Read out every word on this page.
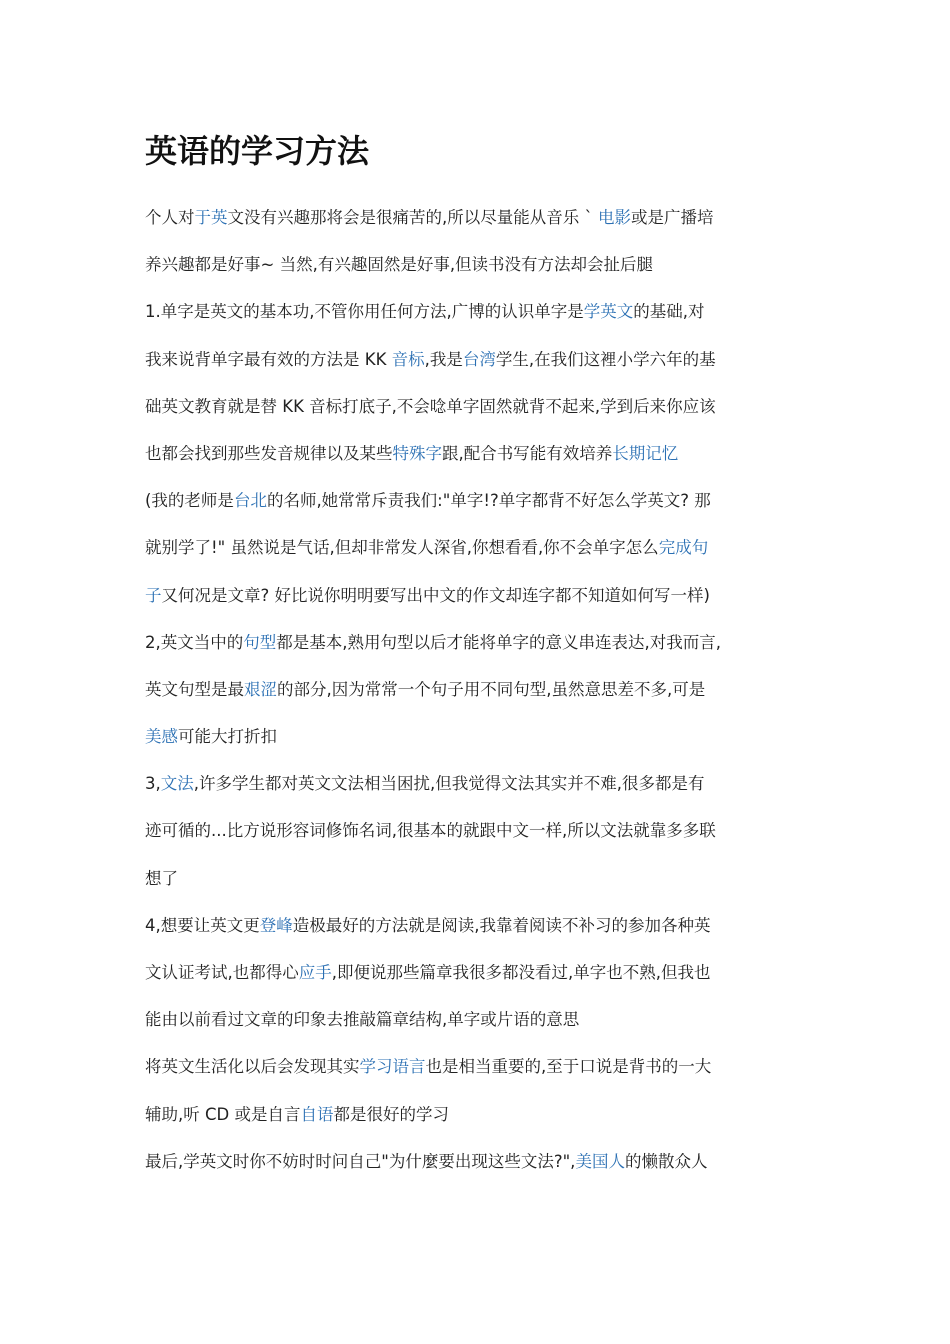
英语的学习方法
个人对于英文没有兴趣那将会是很痛苦的,所以尽量能从音乐 ` 电影或是广播培
养兴趣都是好事~ 当然,有兴趣固然是好事,但读书没有方法却会扯后腿
1.单字是英文的基本功,不管你用任何方法,广博的认识单字是学英文的基础,对
我来说背单字最有效的方法是 KK 音标,我是台湾学生,在我们这裡小学六年的基
础英文教育就是替 KK 音标打底子,不会唸单字固然就背不起来,学到后来你应该
也都会找到那些发音规律以及某些特殊字跟,配合书写能有效培养长期记忆
(我的老师是台北的名师,她常常斥责我们:"单字!?单字都背不好怎么学英文? 那
就别学了!" 虽然说是气话,但却非常发人深省,你想看看,你不会单字怎么完成句
子又何况是文章? 好比说你明明要写出中文的作文却连字都不知道如何写一样)
2,英文当中的句型都是基本,熟用句型以后才能将单字的意义串连表达,对我而言,
英文句型是最艰涩的部分,因为常常一个句子用不同句型,虽然意思差不多,可是
美感可能大打折扣
3,文法,许多学生都对英文文法相当困扰,但我觉得文法其实并不难,很多都是有
迹可循的...比方说形容词修饰名词,很基本的就跟中文一样,所以文法就靠多多联
想了
4,想要让英文更登峰造极最好的方法就是阅读,我靠着阅读不补习的参加各种英
文认证考试,也都得心应手,即便说那些篇章我很多都没看过,单字也不熟,但我也
能由以前看过文章的印象去推敲篇章结构,单字或片语的意思
将英文生活化以后会发现其实学习语言也是相当重要的,至于口说是背书的一大
辅助,听 CD 或是自言自语都是很好的学习
最后,学英文时你不妨时时问自己"为什麼要出现这些文法?",美国人的懒散众人
